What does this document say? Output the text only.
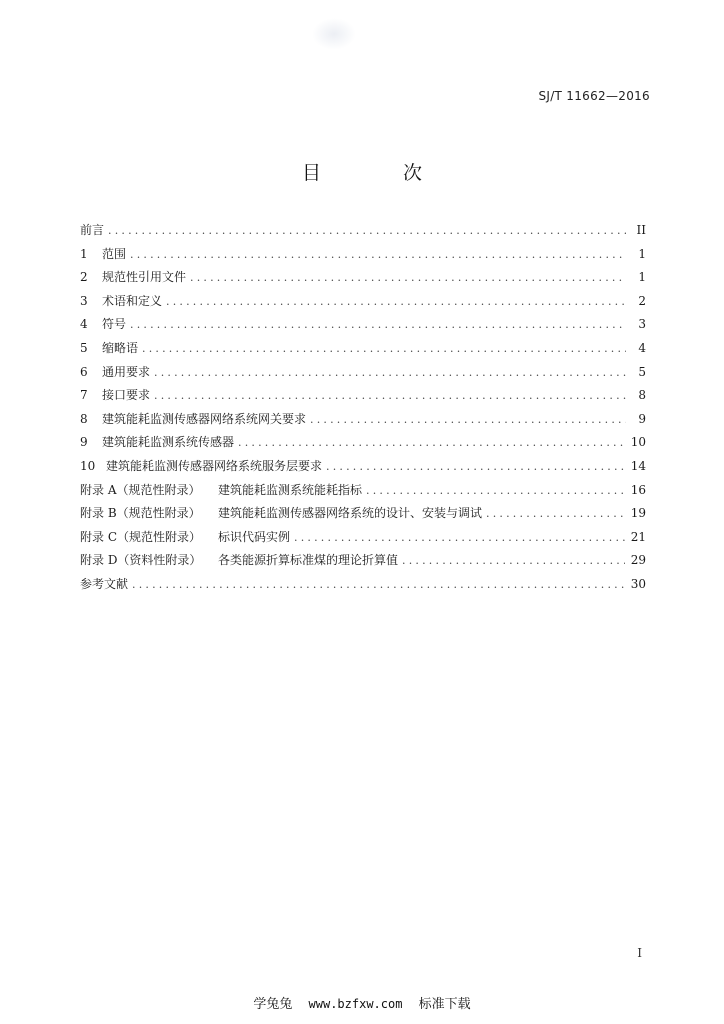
SJ/T 11662—2016
目 次
前言 .....	II
1	范围 .....	1
2	规范性引用文件 .....	1
3	术语和定义 .....	2
4	符号 .....	3
5	缩略语 .....	4
6	通用要求 .....	5
7	接口要求 .....	8
8	建筑能耗监测传感器网络系统网关要求 .....	9
9	建筑能耗监测系统传感器 .....	10
10 建筑能耗监测传感器网络系统服务层要求 .....	14
附录 A（规范性附录）	建筑能耗监测系统能耗指标 .....	16
附录 B（规范性附录）	建筑能耗监测传感器网络系统的设计、安装与调试 .....	19
附录 C（规范性附录）	标识代码实例 .....	21
附录 D（资料性附录）	各类能源折算标准煤的理论折算值 .....	29
参考文献 .....	30
I
学兔兔 www.bzfxw.com 标准下载
